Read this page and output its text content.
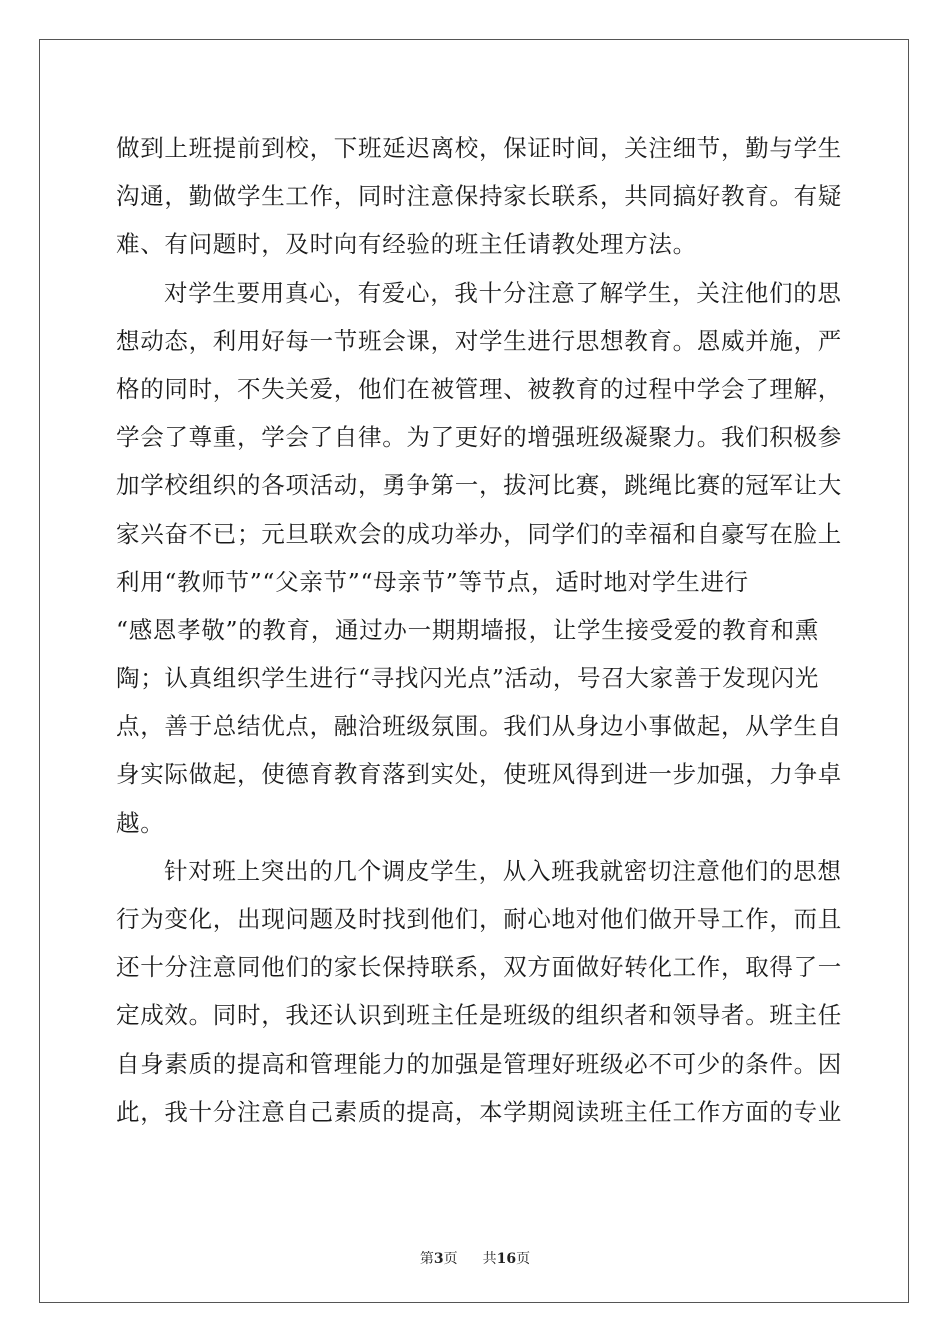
做到上班提前到校，下班延迟离校，保证时间，关注细节，勤与学生
沟通，勤做学生工作，同时注意保持家长联系，共同搞好教育。有疑
难、有问题时，及时向有经验的班主任请教处理方法。
对学生要用真心，有爱心，我十分注意了解学生，关注他们的思
想动态，利用好每一节班会课，对学生进行思想教育。恩威并施，严
格的同时，不失关爱，他们在被管理、被教育的过程中学会了理解，
学会了尊重，学会了自律。为了更好的增强班级凝聚力。我们积极参
加学校组织的各项活动，勇争第一，拔河比赛，跳绳比赛的冠军让大
家兴奋不已；元旦联欢会的成功举办，同学们的幸福和自豪写在脸上
利用“教师节”“父亲节”“母亲节”等节点，适时地对学生进行
“感恩孝敬”的教育，通过办一期期墙报，让学生接受爱的教育和熏
陶；认真组织学生进行“寻找闪光点”活动，号召大家善于发现闪光
点，善于总结优点，融洽班级氛围。我们从身边小事做起，从学生自
身实际做起，使德育教育落到实处，使班风得到进一步加强，力争卓
越。
针对班上突出的几个调皮学生，从入班我就密切注意他们的思想
行为变化，出现问题及时找到他们，耐心地对他们做开导工作，而且
还十分注意同他们的家长保持联系，双方面做好转化工作，取得了一
定成效。同时，我还认识到班主任是班级的组织者和领导者。班主任
自身素质的提高和管理能力的加强是管理好班级必不可少的条件。因
此，我十分注意自己素质的提高，本学期阅读班主任工作方面的专业
第3页 共16页
